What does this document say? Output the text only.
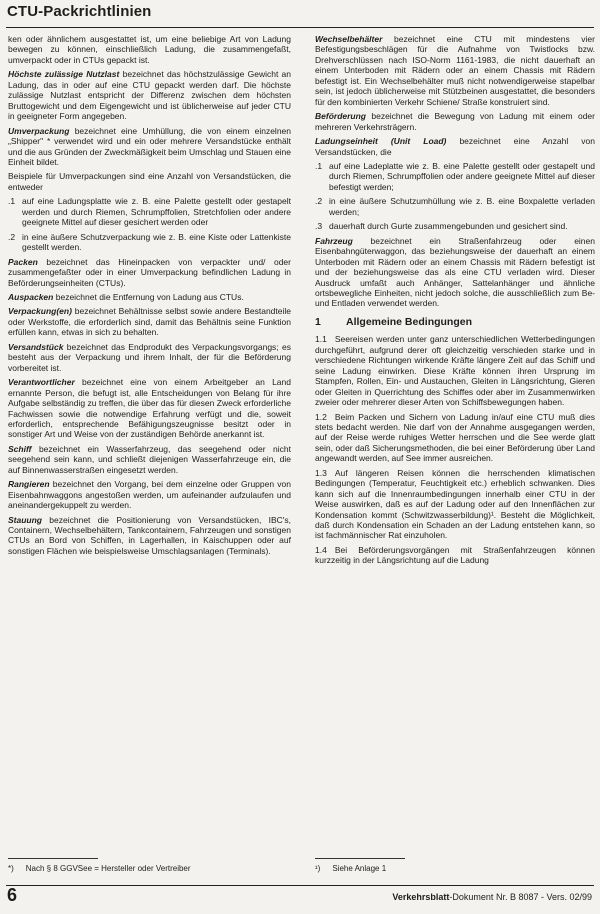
CTU-Packrichtlinien

ken oder ähnlichem ausgestattet ist, um eine beliebige Art von Ladung bewegen zu können, einschließlich Ladung, die zusammengefaßt, umverpackt oder in CTUs gepackt ist.

Höchste zulässige Nutzlast bezeichnet das höchstzulässige Gewicht an Ladung, das in oder auf eine CTU gepackt werden darf. Die höchste zulässige Nutzlast entspricht der Differenz zwischen dem höchsten Bruttogewicht und dem Eigengewicht und ist üblicherweise auf jeder CTU in geeigneter Form angegeben.

Umverpackung bezeichnet eine Umhüllung, die von einem einzelnen „Shipper" * verwendet wird und ein oder mehrere Versandstücke enthält und die aus Gründen der Zweckmäßigkeit beim Umschlag und Stauen eine Einheit bildet.

Beispiele für Umverpackungen sind eine Anzahl von Versandstücken, die entweder

.1 auf eine Ladungsplatte wie z. B. eine Palette gestellt oder gestapelt werden und durch Riemen, Schrumpffolien, Stretchfolien oder andere geeignete Mittel auf dieser gesichert werden oder
.2 in eine äußere Schutzverpackung wie z. B. eine Kiste oder Lattenkiste gestellt werden.

Packen bezeichnet das Hineinpacken von verpackter und/ oder zusammengefaßter oder in einer Umverpackung befindlichen Ladung in Beförderungseinheiten (CTUs).

Auspacken bezeichnet die Entfernung von Ladung aus CTUs.

Verpackung(en) bezeichnet Behältnisse selbst sowie andere Bestandteile oder Werkstoffe, die erforderlich sind, damit das Behältnis seine Funktion erfüllen kann, etwas in sich zu behalten.

Versandstück bezeichnet das Endprodukt des Verpackungsvorgangs; es besteht aus der Verpackung und ihrem Inhalt, der für die Beförderung vorbereitet ist.

Verantwortlicher bezeichnet eine von einem Arbeitgeber an Land ernannte Person, die befugt ist, alle Entscheidungen von Belang für ihre Aufgabe selbständig zu treffen, die über das für diesen Zweck erforderliche Fachwissen sowie die notwendige Erfahrung verfügt und die, soweit erforderlich, entsprechende Befähigungszeugnisse besitzt oder in sonstiger Art und Weise von der zuständigen Behörde anerkannt ist.

Schiff bezeichnet ein Wasserfahrzeug, das seegehend oder nicht seegehend sein kann, und schließt diejenigen Wasserfahrzeuge ein, die auf Binnenwasserstraßen eingesetzt werden.

Rangieren bezeichnet den Vorgang, bei dem einzelne oder Gruppen von Eisenbahnwaggons angestoßen werden, um aufeinander aufzulaufen und aneinandergekuppelt zu werden.

Stauung bezeichnet die Positionierung von Versandstücken, IBC's, Containern, Wechselbehältern, Tankcontainern, Fahrzeugen und sonstigen CTUs an Bord von Schiffen, in Lagerhallen, in Kaischuppen oder auf sonstigen Flächen wie beispielsweise Umschlagsanlagen (Terminals).

Wechselbehälter bezeichnet eine CTU mit mindestens vier Befestigungsbeschlägen für die Aufnahme von Twistlocks bzw. Drehverschlüssen nach ISO-Norm 1161-1983, die nicht dauerhaft an einem Unterboden mit Rädern oder an einem Chassis mit Rädern befestigt ist. Ein Wechselbehälter muß nicht notwendigerweise stapelbar sein, ist jedoch üblicherweise mit Stützbeinen ausgestattet, die besonders für den kombinierten Verkehr Schiene/ Straße konstruiert sind.

Beförderung bezeichnet die Bewegung von Ladung mit einem oder mehreren Verkehrsträgern.

Ladungseinheit (Unit Load) bezeichnet eine Anzahl von Versandstücken, die

.1 auf eine Ladeplatte wie z. B. eine Palette gestellt oder gestapelt und durch Riemen, Schrumpffolien oder andere geeignete Mittel auf dieser befestigt werden;
.2 in eine äußere Schutzumhüllung wie z. B. eine Boxpalette verladen werden;
.3 dauerhaft durch Gurte zusammengebunden und gesichert sind.

Fahrzeug bezeichnet ein Straßenfahrzeug oder einen Eisenbahngüterwaggon, das beziehungsweise der dauerhaft an einem Unterboden mit Rädern oder an einem Chassis mit Rädern befestigt ist und der beziehungsweise das als eine CTU verladen wird. Dieser Ausdruck umfaßt auch Anhänger, Sattelanhänger und ähnliche ortsbewegliche Einheiten, nicht jedoch solche, die ausschließlich zum Be- und Entladen verwendet werden.

1	Allgemeine Bedingungen

1.1 Seereisen werden unter ganz unterschiedlichen Wetterbedingungen durchgeführt, aufgrund derer oft gleichzeitig verschieden starke und in verschiedene Richtungen wirkende Kräfte längere Zeit auf das Schiff und seine Ladung einwirken. Diese Kräfte können ihren Ursprung im Stampfen, Rollen, Ein- und Austauchen, Gleiten in Längsrichtung, Gieren oder Gleiten in Querrichtung des Schiffes oder aber im Zusammenwirken zweier oder mehrerer dieser Arten von Schiffsbewegungen haben.

1.2 Beim Packen und Sichern von Ladung in/auf eine CTU muß dies stets bedacht werden. Nie darf von der Annahme ausgegangen werden, auf der Reise werde ruhiges Wetter herrschen und die See werde glatt sein, oder daß Sicherungsmethoden, die bei einer Beförderung über Land angewandt werden, auf See immer ausreichen.

1.3 Auf längeren Reisen können die herrschenden klimatischen Bedingungen (Temperatur, Feuchtigkeit etc.) erheblich schwanken. Dies kann sich auf die Innenraumbedingungen innerhalb einer CTU in der Weise auswirken, daß es auf der Ladung oder auf den Innenflächen zur Kondensation kommt (Schwitzwasserbildung)¹. Besteht die Möglichkeit, daß durch Kondensation ein Schaden an der Ladung entstehen kann, so ist fachmännischer Rat einzuholen.

1.4 Bei Beförderungsvorgängen mit Straßenfahrzeugen können kurzzeitig in der Längsrichtung auf die Ladung

*) Nach § 8 GGVSee = Hersteller oder Vertreiber	¹) Siehe Anlage 1
6	Verkehrsblatt-Dokument Nr. B 8087 - Vers. 02/99
